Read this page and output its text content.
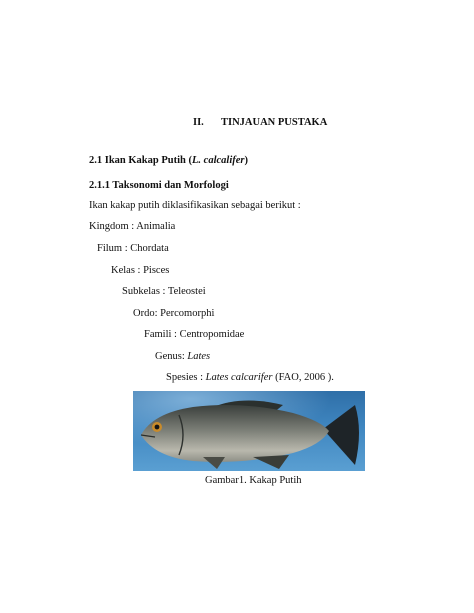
II. TINJAUAN PUSTAKA
2.1 Ikan Kakap Putih (L. calcalifer)
2.1.1 Taksonomi dan Morfologi
Ikan kakap putih diklasifikasikan sebagai berikut :
Kingdom : Animalia
Filum : Chordata
Kelas : Pisces
Subkelas : Teleostei
Ordo: Percomorphi
Famili : Centropomidae
Genus: Lates
Spesies : Lates calcarifer (FAO, 2006 ).
Gambar1. Kakap Putih
